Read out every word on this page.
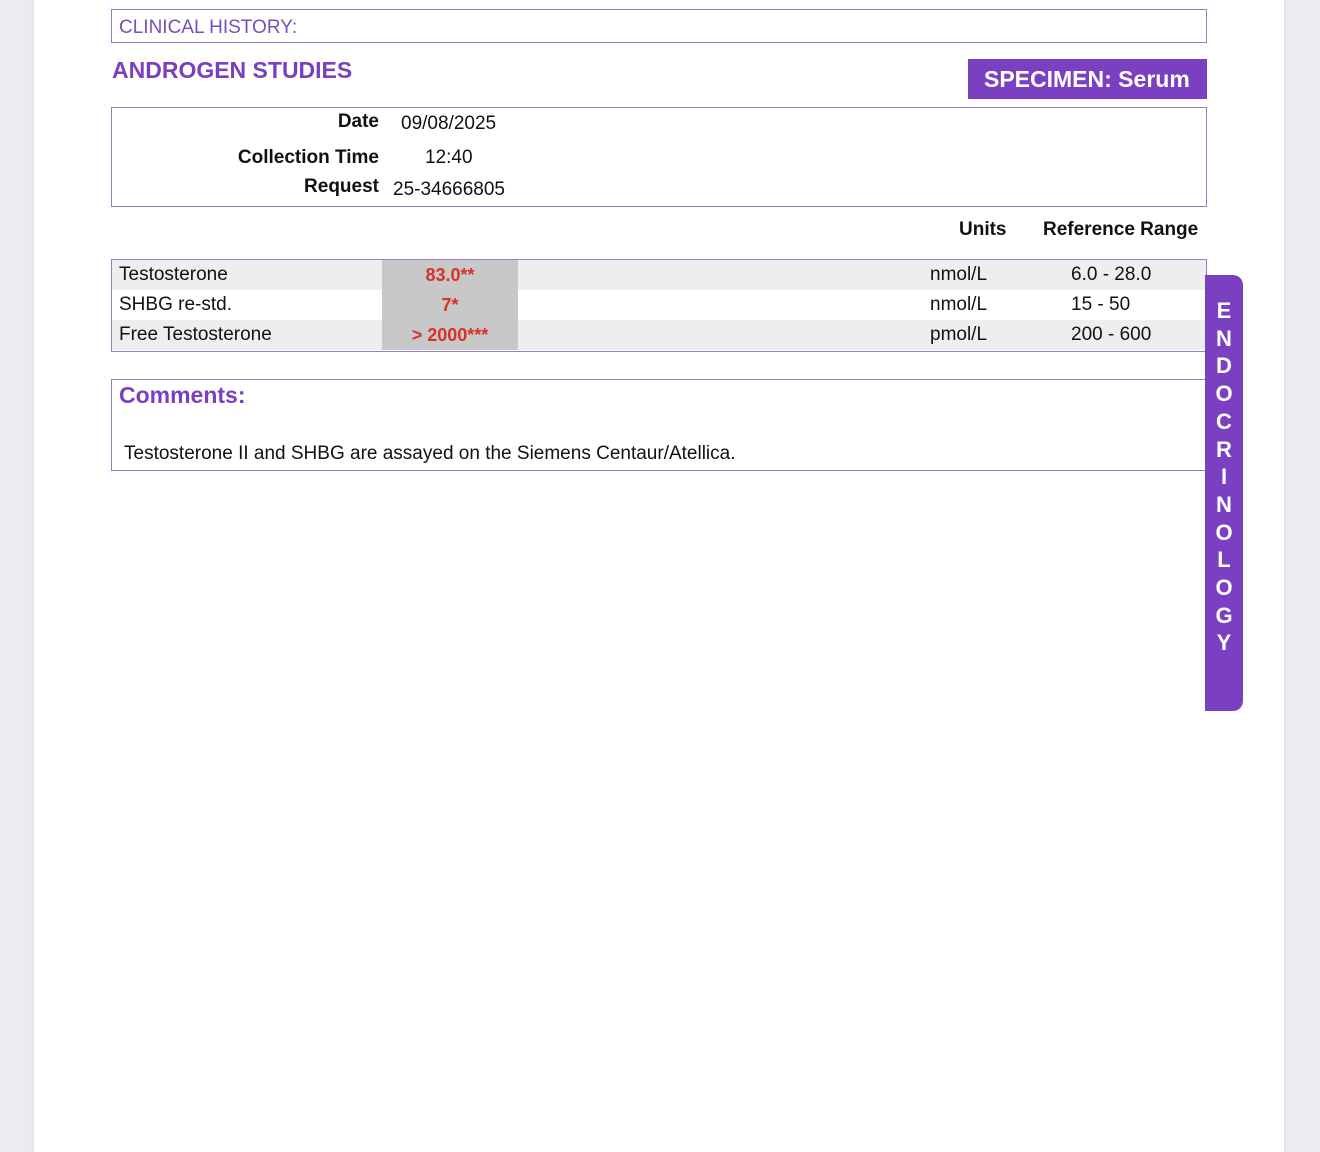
CLINICAL HISTORY:
ANDROGEN STUDIES	SPECIMEN: Serum
Date 09/08/2025
Collection Time 12:40
Request 25-34666805
Units Reference Range
Testosterone	83.0**	nmol/L	6.0 - 28.0
SHBG re-std.	7*	nmol/L	15 - 50
Free Testosterone	> 2000***	pmol/L	200 - 600
Comments:
Testosterone II and SHBG are assayed on the Siemens Centaur/Atellica.
E
N
D
O
C
R
I
N
O
L
O
G
Y
